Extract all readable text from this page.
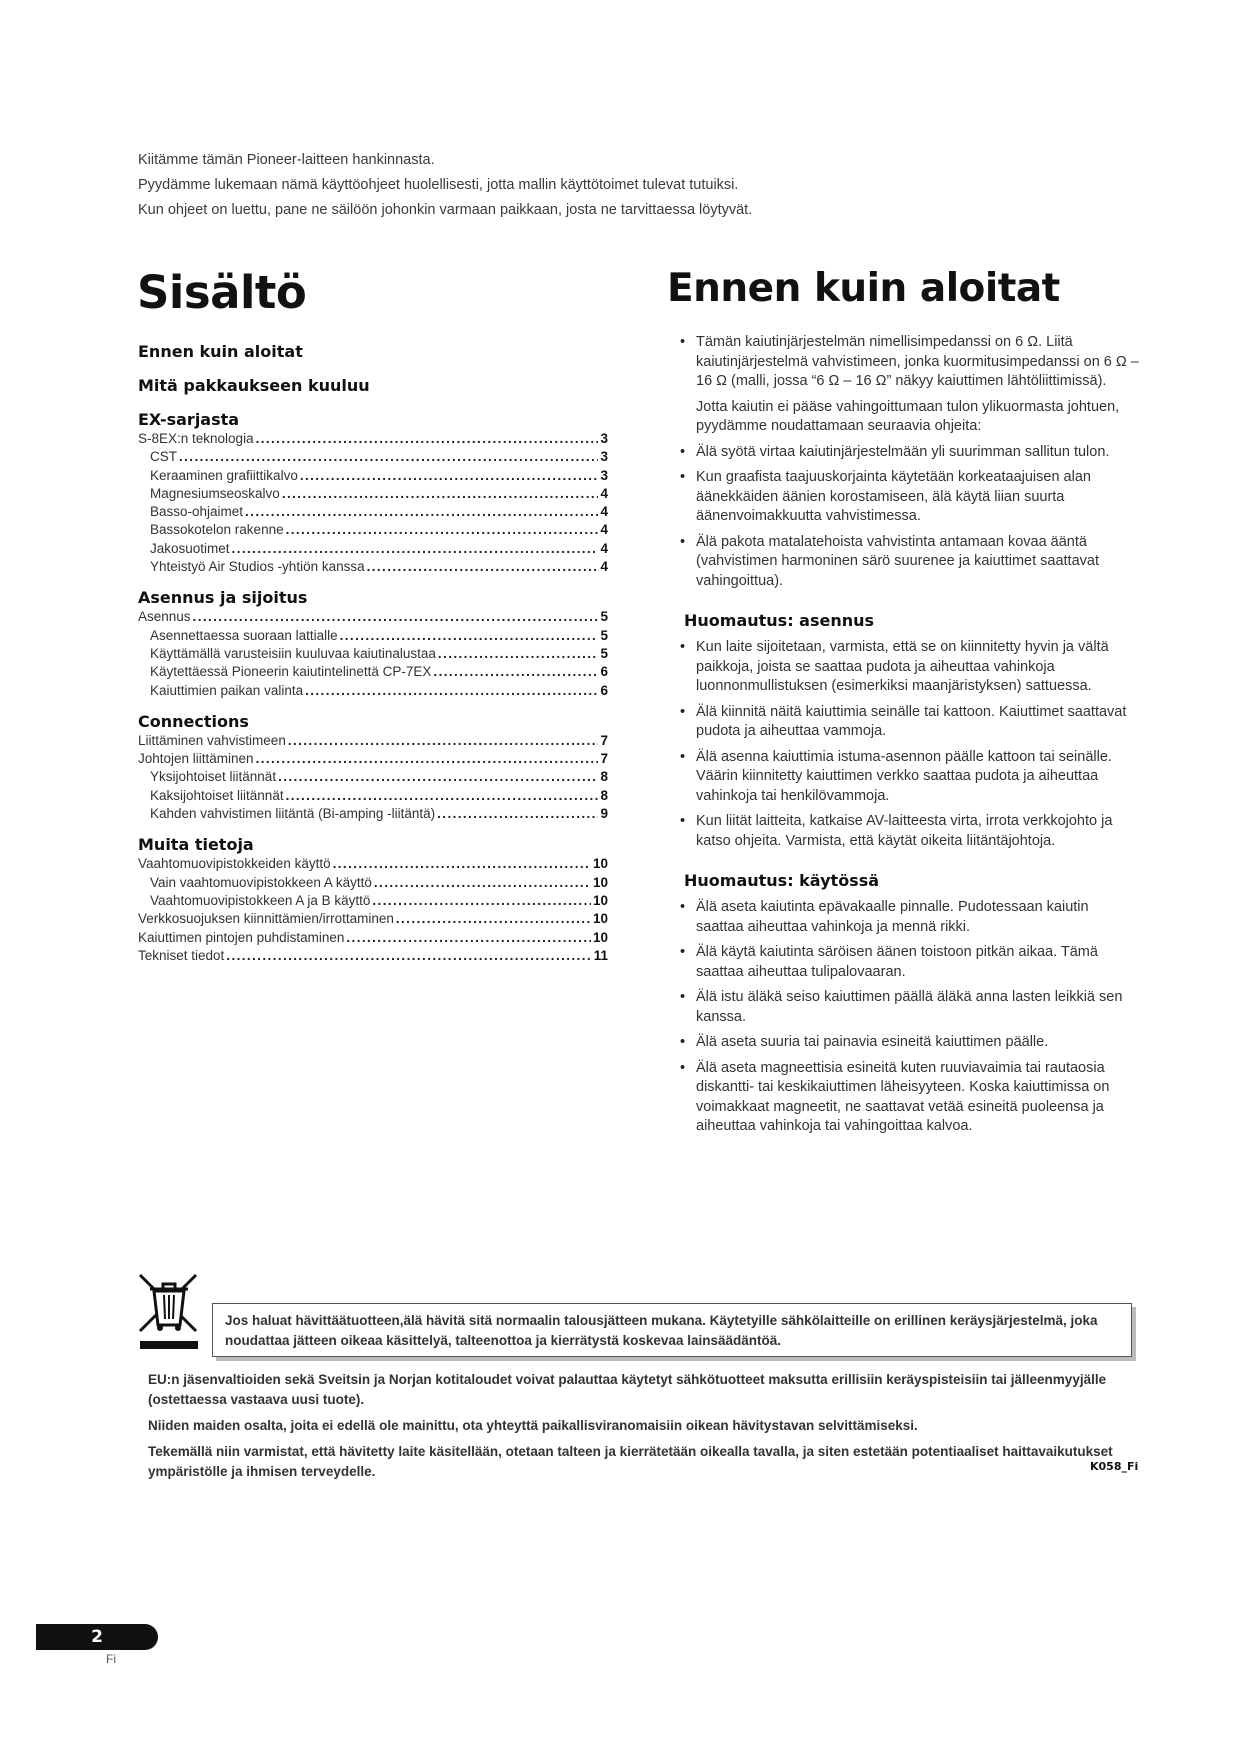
Kiitämme tämän Pioneer-laitteen hankinnasta.

Pyydämme lukemaan nämä käyttöohjeet huolellisesti, jotta mallin käyttötoimet tulevat tutuiksi.

Kun ohjeet on luettu, pane ne säilöön johonkin varmaan paikkaan, josta ne tarvittaessa löytyvät.

Sisältö	Ennen kuin aloitat
Ennen kuin aloitat
Mitä pakkaukseen kuuluu
EX-sarjasta
S-8EX:n teknologia .....	3
CST .....	3
Keraaminen grafiittikalvo .....	3
Magnesiumseoskalvo .....	4
Basso-ohjaimet .....	4
Bassokotelon rakenne .....	4
Jakosuotimet .....	4
Yhteistyö Air Studios -yhtiön kanssa .....	4
Asennus ja sijoitus
Asennus .....	5
Asennettaessa suoraan lattialle .....	5
Käyttämällä varusteisiin kuuluvaa kaiutinalustaa .....	5
Käytettäessä Pioneerin kaiutintelinettä CP-7EX .....	6
Kaiuttimien paikan valinta .....	6
Connections
Liittäminen vahvistimeen .....	7
Johtojen liittäminen .....	7
Yksijohtoiset liitännät .....	8
Kaksijohtoiset liitännät .....	8
Kahden vahvistimen liitäntä (Bi-amping -liitäntä) .....	9
Muita tietoja
Vaahtomuovipistokkeiden käyttö .....	10
Vain vaahtomuovipistokkeen A käyttö .....	10
Vaahtomuovipistokkeen A ja B käyttö .....	10
Verkkosuojuksen kiinnittämien/irrottaminen .....	10
Kaiuttimen pintojen puhdistaminen .....	10
Tekniset tiedot .....	11
• Tämän kaiutinjärjestelmän nimellisimpedanssi on 6 Ω. Liitä kaiutinjärjestelmä vahvistimeen, jonka kuormitusimpedanssi on 6 Ω –16 Ω (malli, jossa “6 Ω – 16 Ω” näkyy kaiuttimen lähtöliittimissä).
Jotta kaiutin ei pääse vahingoittumaan tulon ylikuormasta johtuen, pyydämme noudattamaan seuraavia ohjeita:
• Älä syötä virtaa kaiutinjärjestelmään yli suurimman sallitun tulon.
• Kun graafista taajuuskorjainta käytetään korkeataajuisen alan äänekkäiden äänien korostamiseen, älä käytä liian suurta äänenvoimakkuutta vahvistimessa.
• Älä pakota matalatehoista vahvistinta antamaan kovaa ääntä (vahvistimen harmoninen särö suurenee ja kaiuttimet saattavat vahingoittua).
Huomautus: asennus
• Kun laite sijoitetaan, varmista, että se on kiinnitetty hyvin ja vältä paikkoja, joista se saattaa pudota ja aiheuttaa vahinkoja luonnonmullistuksen (esimerkiksi maanjäristyksen) sattuessa.
• Älä kiinnitä näitä kaiuttimia seinälle tai kattoon. Kaiuttimet saattavat pudota ja aiheuttaa vammoja.
• Älä asenna kaiuttimia istuma-asennon päälle kattoon tai seinälle. Väärin kiinnitetty kaiuttimen verkko saattaa pudota ja aiheuttaa vahinkoja tai henkilövammoja.
• Kun liität laitteita, katkaise AV-laitteesta virta, irrota verkkojohto ja katso ohjeita. Varmista, että käytät oikeita liitäntäjohtoja.
Huomautus: käytössä
• Älä aseta kaiutinta epävakaalle pinnalle. Pudotessaan kaiutin saattaa aiheuttaa vahinkoja ja mennä rikki.
• Älä käytä kaiutinta säröisen äänen toistoon pitkän aikaa. Tämä saattaa aiheuttaa tulipalovaaran.
• Älä istu äläkä seiso kaiuttimen päällä äläkä anna lasten leikkiä sen kanssa.
• Älä aseta suuria tai painavia esineitä kaiuttimen päälle.
• Älä aseta magneettisia esineitä kuten ruuviavaimia tai rautaosia diskantti- tai keskikaiuttimen läheisyyteen. Koska kaiuttimissa on voimakkaat magneetit, ne saattavat vetää esineitä puoleensa ja aiheuttaa vahinkoja tai vahingoittaa kalvoa.
Jos haluat hävittäätuotteen,älä hävitä sitä normaalin talousjätteen mukana. Käytetyille sähkölaitteille on erillinen keräysjärjestelmä, joka noudattaa jätteen oikeaa käsittelyä, talteenottoa ja kierrätystä koskevaa lainsäädäntöä.

EU:n jäsenvaltioiden sekä Sveitsin ja Norjan kotitaloudet voivat palauttaa käytetyt sähkötuotteet maksutta erillisiin keräyspisteisiin tai jälleenmyyjälle (ostettaessa vastaava uusi tuote).

Niiden maiden osalta, joita ei edellä ole mainittu, ota yhteyttä paikallisviranomaisiin oikean hävitystavan selvittämiseksi.

Tekemällä niin varmistat, että hävitetty laite käsitellään, otetaan talteen ja kierrätetään oikealla tavalla, ja siten estetään potentiaaliset haittavaikutukset ympäristölle ja ihmisen terveydelle.	K058_Fi
2
Fi
